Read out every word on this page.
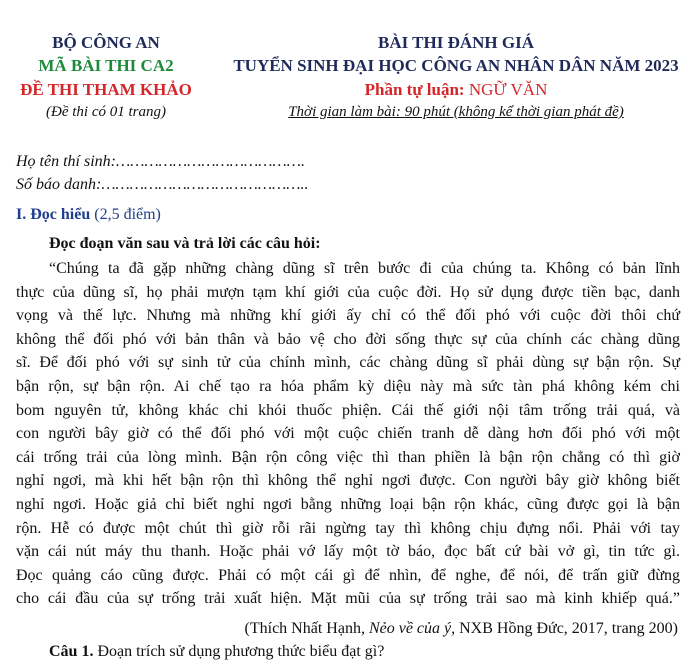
BỘ CÔNG AN
MÃ BÀI THI CA2
ĐỀ THI THAM KHẢO
(Đề thi có 01 trang)
BÀI THI ĐÁNH GIÁ
TUYỂN SINH ĐẠI HỌC CÔNG AN NHÂN DÂN NĂM 2023
Phần tự luận: NGỮ VĂN
Thời gian làm bài: 90 phút (không kể thời gian phát đề)
Họ tên thí sinh:………………………………….
Số báo danh:……………………………………..
I. Đọc hiểu (2,5 điểm)
Đọc đoạn văn sau và trả lời các câu hỏi:
“Chúng ta đã gặp những chàng dũng sĩ trên bước đi của chúng ta. Không có bản lĩnh
thực của dũng sĩ, họ phải mượn tạm khí giới của cuộc đời. Họ sử dụng được tiền bạc, danh
vọng và thế lực. Nhưng mà những khí giới ấy chỉ có thể đối phó với cuộc đời thôi chứ
không thể đối phó với bản thân và bảo vệ cho đời sống thực sự của chính các chàng dũng
sĩ. Để đối phó với sự sinh tử của chính mình, các chàng dũng sĩ phải dùng sự bận rộn. Sự
bận rộn, sự bận rộn. Ai chế tạo ra hóa phẩm kỳ diệu này mà sức tàn phá không kém chi
bom nguyên tử, không khác chi khói thuốc phiện. Cái thế giới nội tâm trống trải quá, và
con người bây giờ có thể đối phó với một cuộc chiến tranh dễ dàng hơn đối phó với một
cái trống trải của lòng mình. Bận rộn công việc thì than phiền là bận rộn chẳng có thì giờ
nghỉ ngơi, mà khi hết bận rộn thì không thể nghỉ ngơi được. Con người bây giờ không biết
nghỉ ngơi. Hoặc giả chỉ biết nghỉ ngơi bằng những loại bận rộn khác, cũng được gọi là bận
rộn. Hễ có được một chút thì giờ rỗi rãi ngừng tay thì không chịu đựng nổi. Phải với tay
vặn cái nút máy thu thanh. Hoặc phải vớ lấy một tờ báo, đọc bất cứ bài vở gì, tin tức gì.
Đọc quảng cáo cũng được. Phải có một cái gì để nhìn, để nghe, để nói, để trấn giữ đừng
cho cái đầu của sự trống trải xuất hiện. Mặt mũi của sự trống trải sao mà kinh khiếp quá.”
(Thích Nhất Hạnh, Nẻo về của ý, NXB Hồng Đức, 2017, trang 200)
Câu 1. Đoạn trích sử dụng phương thức biểu đạt gì?
